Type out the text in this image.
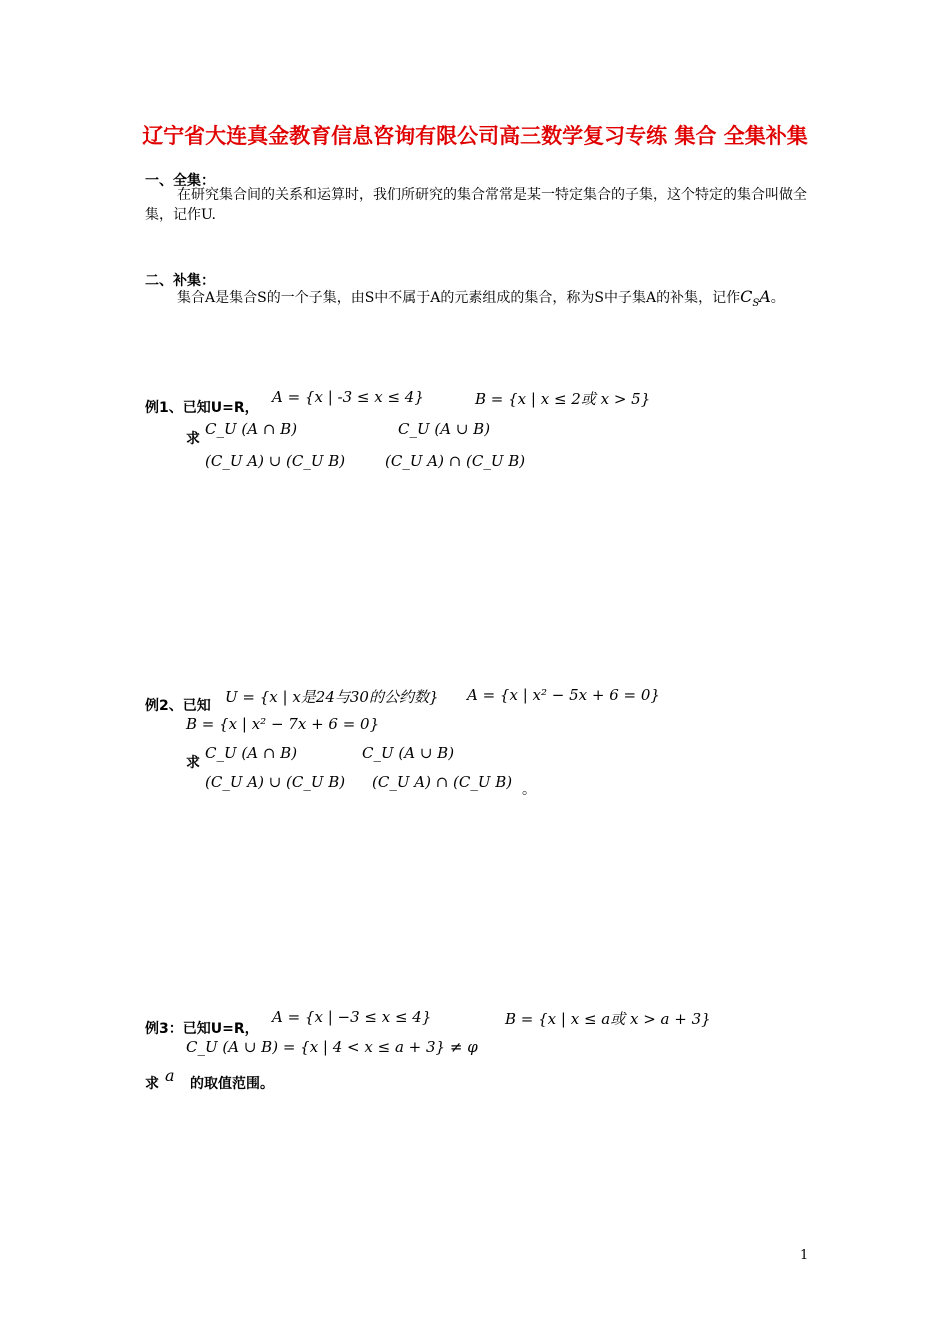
辽宁省大连真金教育信息咨询有限公司高三数学复习专练 集合 全集补集
一、全集：
在研究集合间的关系和运算时，我们所研究的集合常常是某一特定集合的子集，这个特定的集合叫做全集，记作U.
二、补集：
集合A是集合S的一个子集，由S中不属于A的元素组成的集合，称为S中子集A的补集，记作$C_SA$。
例1、已知U=R，
A = {x | -3 ≤ x ≤ 4}	B = {x | x ≤ 2或 x > 5}
求
C_U (A ∩ B)	C_U (A ∪ B)
(C_U A) ∪ (C_U B)	(C_U A) ∩ (C_U B)
例2、已知 U = {x | x是24与30的公约数} A = {x | x² − 5x + 6 = 0}
B = {x | x² − 7x + 6 = 0}
求
C_U (A ∩ B)	C_U (A ∪ B)
(C_U A) ∪ (C_U B) (C_U A) ∩ (C_U B) 。
例3：已知U=R，
A = {x | −3 ≤ x ≤ 4}	B = {x | x ≤ a或 x > a + 3}
C_U (A ∪ B) = {x | 4 < x ≤ a + 3} ≠ φ
求 a 的取值范围。
1
